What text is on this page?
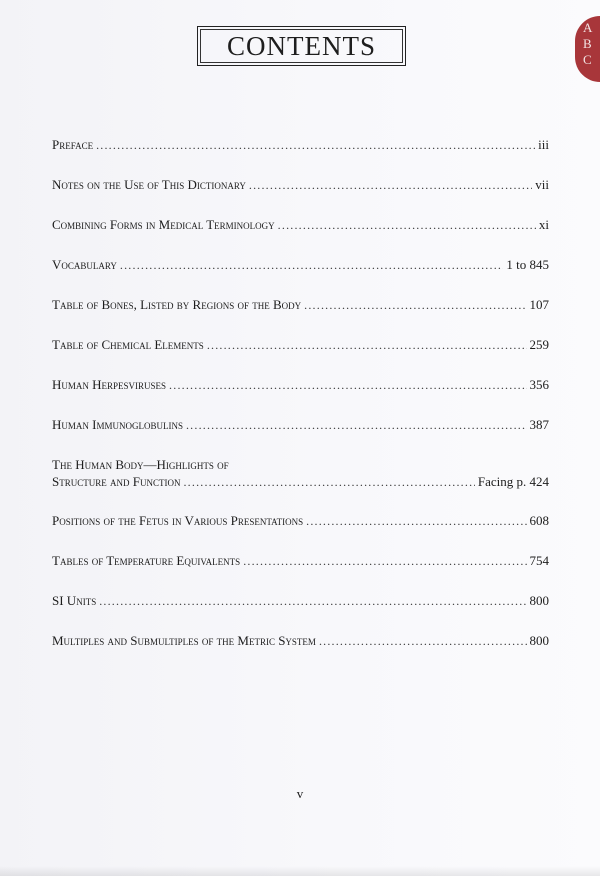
A
B
C
CONTENTS
Preface .....	iii
Notes on the Use of This Dictionary .....	vii
Combining Forms in Medical Terminology .....	xi
Vocabulary .....	1 to 845
Table of Bones, Listed by Regions of the Body .....	107
Table of Chemical Elements .....	259
Human Herpesviruses .....	356
Human Immunoglobulins .....	387
The Human Body—Highlights of
Structure and Function .....	Facing p. 424
Positions of the Fetus in Various Presentations .....	608
Tables of Temperature Equivalents .....	754
SI Units .....	800
Multiples and Submultiples of the Metric System .....	800
v
